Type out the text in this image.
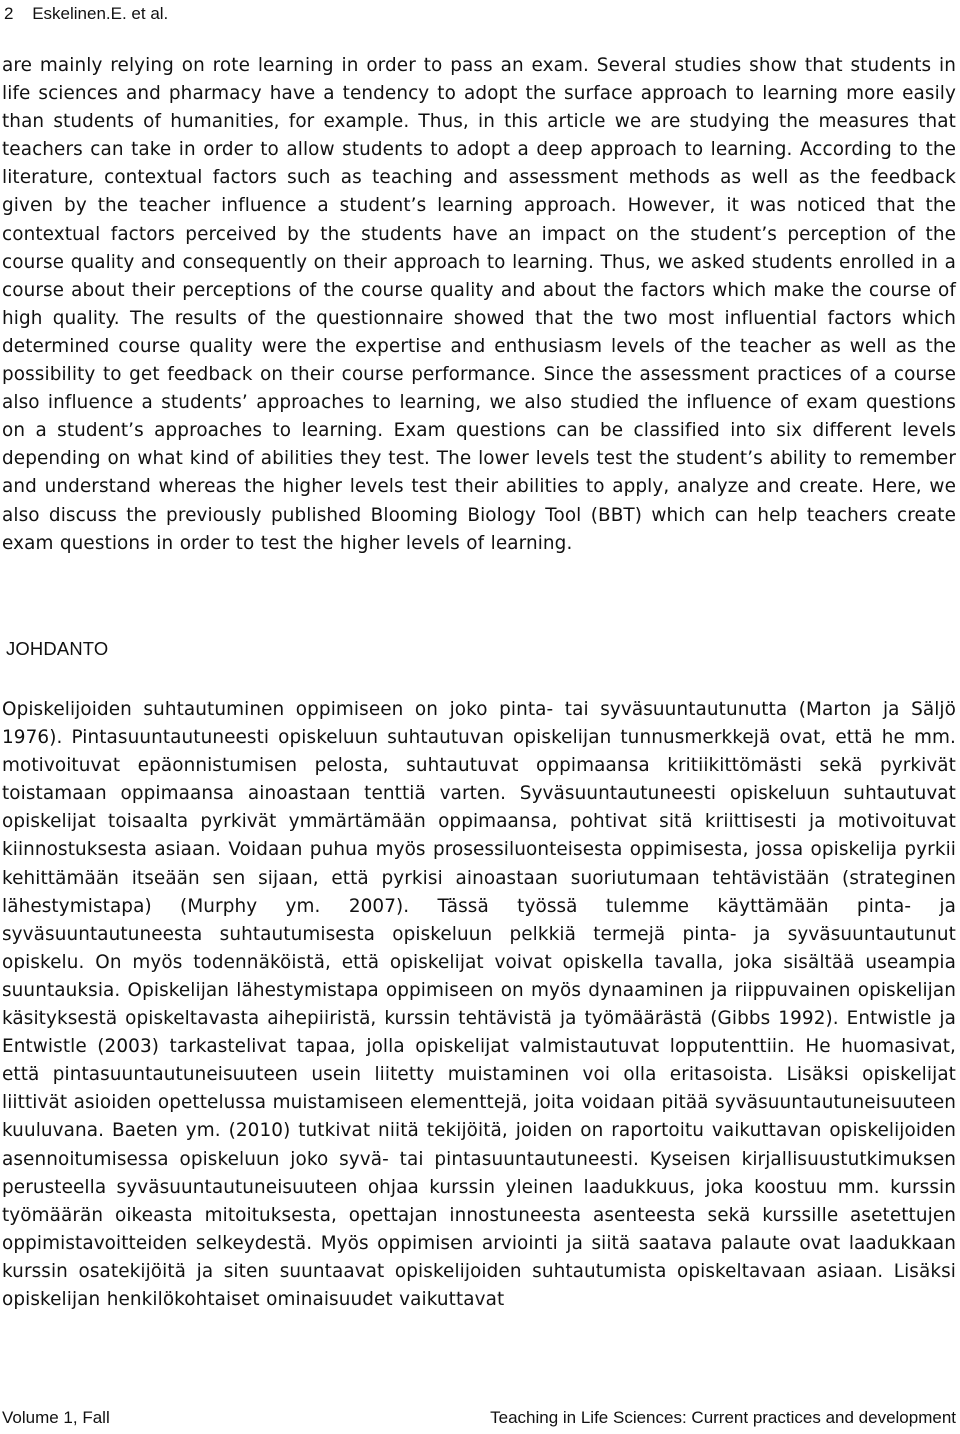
2 Eskelinen.E. et al.
are mainly relying on rote learning in order to pass an exam. Several studies show that students in life sciences and pharmacy have a tendency to adopt the surface approach to learning more easily than students of humanities, for example. Thus, in this article we are studying the measures that teachers can take in order to allow students to adopt a deep approach to learning. According to the literature, contextual factors such as teaching and assessment methods as well as the feedback given by the teacher influence a student’s learning approach. However, it was noticed that the contextual factors perceived by the students have an impact on the student’s perception of the course quality and consequently on their approach to learning. Thus, we asked students enrolled in a course about their perceptions of the course quality and about the factors which make the course of high quality. The results of the questionnaire showed that the two most influential factors which determined course quality were the expertise and enthusiasm levels of the teacher as well as the possibility to get feedback on their course performance. Since the assessment practices of a course also influence a students’ approaches to learning, we also studied the influence of exam questions on a student’s approaches to learning. Exam questions can be classified into six different levels depending on what kind of abilities they test. The lower levels test the student’s ability to remember and understand whereas the higher levels test their abilities to apply, analyze and create. Here, we also discuss the previously published Blooming Biology Tool (BBT) which can help teachers create exam questions in order to test the higher levels of learning.
JOHDANTO
Opiskelijoiden suhtautuminen oppimiseen on joko pinta- tai syväsuuntautunutta (Marton ja Säljö 1976). Pintasuuntautuneesti opiskeluun suhtautuvan opiskelijan tunnusmerkkejä ovat, että he mm. motivoituvat epäonnistumisen pelosta, suhtautuvat oppimaansa kritiikittömästi sekä pyrkivät toistamaan oppimaansa ainoastaan tenttiä varten. Syväsuuntautuneesti opiskeluun suhtautuvat opiskelijat toisaalta pyrkivät ymmärtämään oppimaansa, pohtivat sitä kriittisesti ja motivoituvat kiinnostuksesta asiaan. Voidaan puhua myös prosessiluonteisesta oppimisesta, jossa opiskelija pyrkii kehittämään itseään sen sijaan, että pyrkisi ainoastaan suoriutumaan tehtävistään (strateginen lähestymistapa) (Murphy ym. 2007). Tässä työssä tulemme käyttämään pinta- ja syväsuuntautuneesta suhtautumisesta opiskeluun pelkkiä termejä pinta- ja syväsuuntautunut opiskelu. On myös todennäköistä, että opiskelijat voivat opiskella tavalla, joka sisältää useampia suuntauksia. Opiskelijan lähestymistapa oppimiseen on myös dynaaminen ja riippuvainen opiskelijan käsityksestä opiskeltavasta aihepiiristä, kurssin tehtävistä ja työmäärästä (Gibbs 1992). Entwistle ja Entwistle (2003) tarkastelivat tapaa, jolla opiskelijat valmistautuvat lopputenttiin. He huomasivat, että pintasuuntautuneisuuteen usein liitetty muistaminen voi olla eritasoista. Lisäksi opiskelijat liittivät asioiden opettelussa muistamiseen elementtejä, joita voidaan pitää syväsuuntautuneisuuteen kuuluvana. Baeten ym. (2010) tutkivat niitä tekijöitä, joiden on raportoitu vaikuttavan opiskelijoiden asennoitumisessa opiskeluun joko syvä- tai pintasuuntautuneesti. Kyseisen kirjallisuustutkimuksen perusteella syväsuuntautuneisuuteen ohjaa kurssin yleinen laadukkuus, joka koostuu mm. kurssin työmäärän oikeasta mitoituksesta, opettajan innostuneesta asenteesta sekä kurssille asetettujen oppimistavoitteiden selkeydestä. Myös oppimisen arviointi ja siitä saatava palaute ovat laadukkaan kurssin osatekijöitä ja siten suuntaavat opiskelijoiden suhtautumista opiskeltavaan asiaan. Lisäksi opiskelijan henkilökohtaiset ominaisuudet vaikuttavat
Volume 1, Fall	Teaching in Life Sciences: Current practices and development
